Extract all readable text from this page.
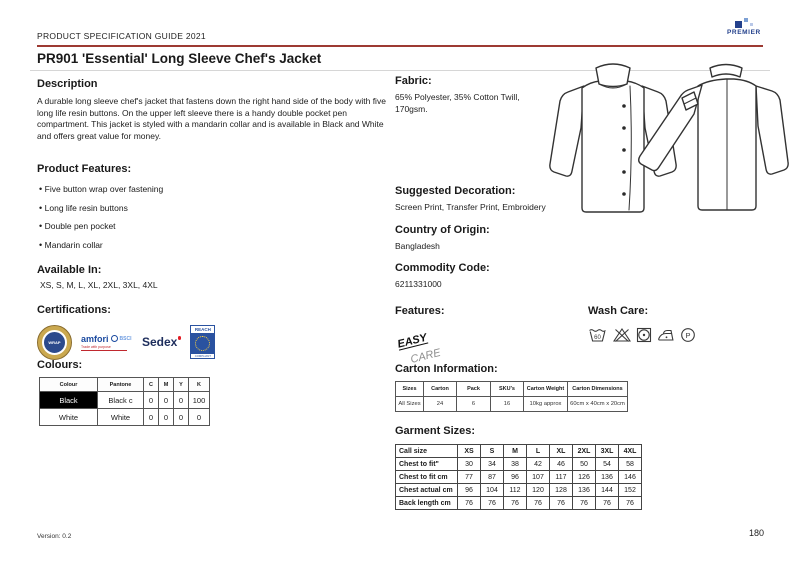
PRODUCT SPECIFICATION GUIDE 2021	PREMIER
PR901 'Essential' Long Sleeve Chef's Jacket
Description
A durable long sleeve chef's jacket that fastens down the right hand side of the body with five long life resin buttons. On the upper left sleeve there is a handy double pocket pen compartment. This jacket is styled with a mandarin collar and is available in Black and White and offers great value for money.
Product Features:
• Five button wrap over fastening
• Long life resin buttons
• Double pen pocket
• Mandarin collar
Available In:
XS, S, M, L, XL, 2XL, 3XL, 4XL
Certifications:
WRAP	amfori BSCI
Trade with purpose	Sedex
REACH
COMPLIANT
Colours:
Colour	Pantone	C	M	Y	K
Black	Black c	0	0	0	100
White	White	0	0	0	0
Fabric:
65% Polyester, 35% Cotton Twill,
170gsm.
Suggested Decoration:
Screen Print, Transfer Print, Embroidery
Country of Origin:
Bangladesh
Commodity Code:
6211331000
Features:
EASY
CARE
Wash Care:
60	P
Carton Information:
Sizes	Carton	Pack	SKU's	Carton Weight	Carton Dimensions
All Sizes	24	6	16	10kg approx	60cm x 40cm x 20cm
Garment Sizes:
Call size	XS	S	M	L	XL	2XL	3XL	4XL
Chest to fit"	30	34	38	42	46	50	54	58
Chest to fit cm	77	87	96	107	117	126	136	146
Chest actual cm	96	104	112	120	128	136	144	152
Back length cm	76	76	76	76	76	76	76	76
Version: 0.2	180
